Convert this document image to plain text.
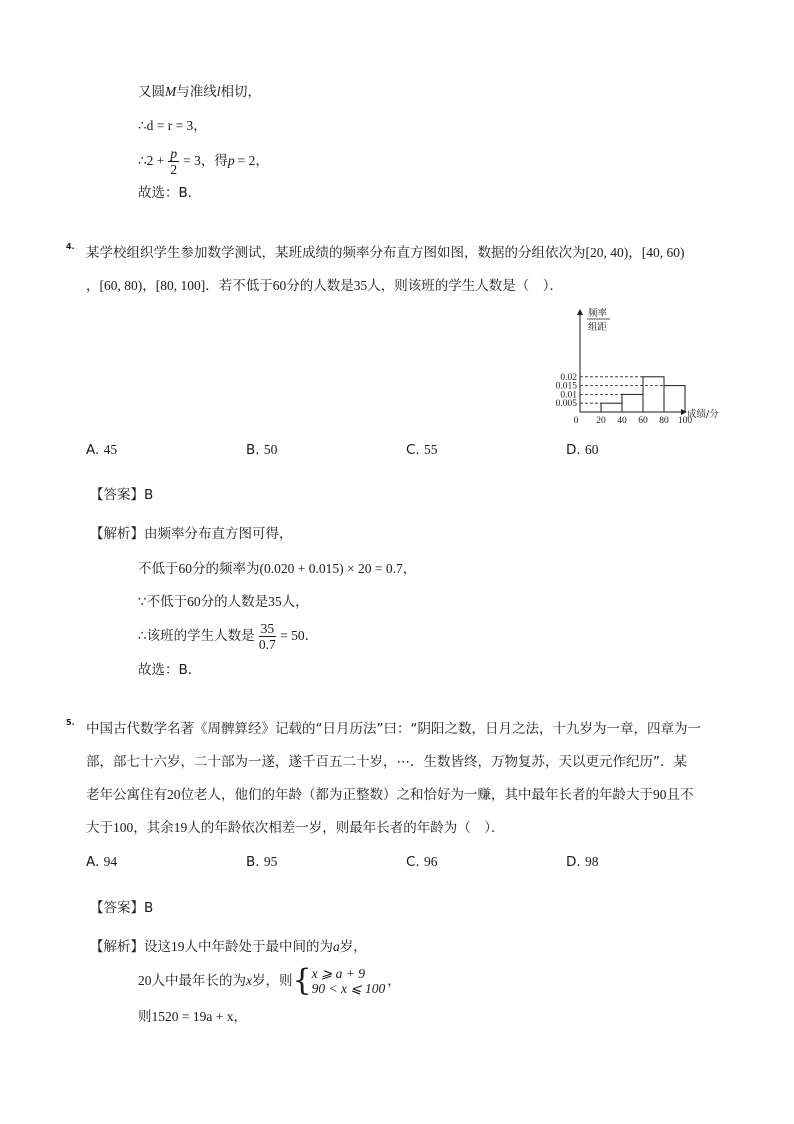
又圆M与准线l相切，
∴d = r = 3，
∴2 + $\frac{p}{2} = 3$，得 p = 2，
故选：B．
4. 某学校组织学生参加数学测试，某班成绩的频率分布直方图如图，数据的分组依次为[20, 40)，[40, 60)
，[60, 80)，[80, 100]．若不低于60分的人数是35人，则该班的学生人数是（　）．
0.005
0.01
0.015
0.02
0 20 40 60 80 100
频率
组距
成绩/分
A. 45	B. 50	C. 55	D. 60
【答案】B
【解析】由频率分布直方图可得，
不低于60分的频率为(0.020 + 0.015) × 20 = 0.7，
∵不低于60分的人数是35人，
∴该班的学生人数是 $\frac{35}{0.7} = 50$．
故选：B．
5. 中国古代数学名著《周髀算经》记载的“日月历法”曰：“阴阳之数，日月之法，十九岁为一章，四章为一
部，部七十六岁，二十部为一遂，遂千百五二十岁，⋯．生数皆终，万物复苏，天以更元作纪历”．某
老年公寓住有20位老人，他们的年龄（都为正整数）之和恰好为一赚，其中最年长者的年龄大于90且不
大于100，其余19人的年龄依次相差一岁，则最年长者的年龄为（　）．
A. 94	B. 95	C. 96	D. 98
【答案】B
【解析】设这19人中年龄处于最中间的为a岁，
20 人中最年长的为 x 岁，则 { x ⩾ a + 9
90 < x ⩽ 100
，
则1520 = 19a + x，
